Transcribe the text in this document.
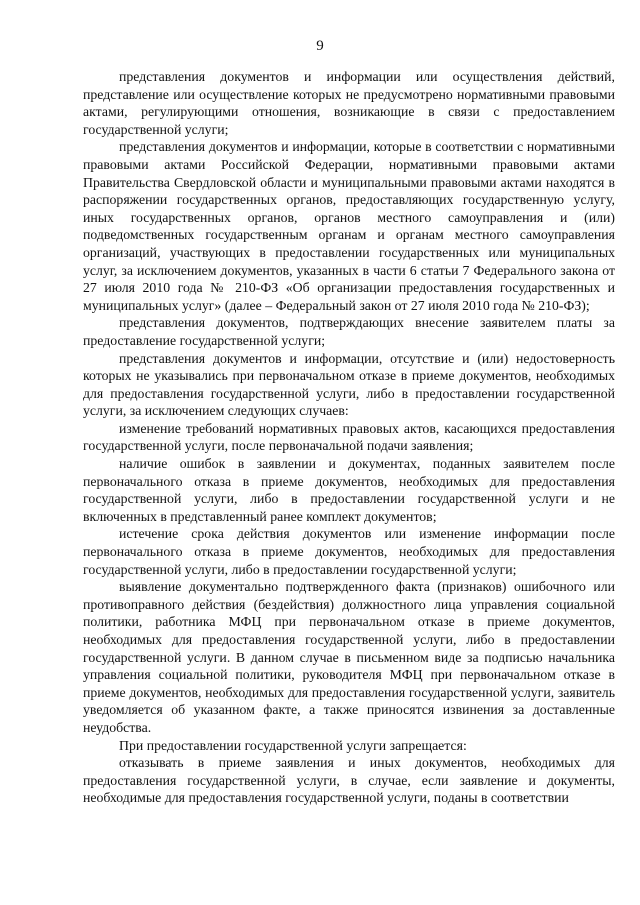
9

представления документов и информации или осуществления действий, представление или осуществление которых не предусмотрено нормативными правовыми актами, регулирующими отношения, возникающие в связи с предоставлением государственной услуги;

представления документов и информации, которые в соответствии с нормативными правовыми актами Российской Федерации, нормативными правовыми актами Правительства Свердловской области и муниципальными правовыми актами находятся в распоряжении государственных органов, предоставляющих государственную услугу, иных государственных органов, органов местного самоуправления и (или) подведомственных государственным органам и органам местного самоуправления организаций, участвующих в предоставлении государственных или муниципальных услуг, за исключением документов, указанных в части 6 статьи 7 Федерального закона от 27 июля 2010 года № 210-ФЗ «Об организации предоставления государственных и муниципальных услуг» (далее – Федеральный закон от 27 июля 2010 года № 210-ФЗ);

представления документов, подтверждающих внесение заявителем платы за предоставление государственной услуги;

представления документов и информации, отсутствие и (или) недостоверность которых не указывались при первоначальном отказе в приеме документов, необходимых для предоставления государственной услуги, либо в предоставлении государственной услуги, за исключением следующих случаев:

изменение требований нормативных правовых актов, касающихся предоставления государственной услуги, после первоначальной подачи заявления;

наличие ошибок в заявлении и документах, поданных заявителем после первоначального отказа в приеме документов, необходимых для предоставления государственной услуги, либо в предоставлении государственной услуги и не включенных в представленный ранее комплект документов;

истечение срока действия документов или изменение информации после первоначального отказа в приеме документов, необходимых для предоставления государственной услуги, либо в предоставлении государственной услуги;

выявление документально подтвержденного факта (признаков) ошибочного или противоправного действия (бездействия) должностного лица управления социальной политики, работника МФЦ при первоначальном отказе в приеме документов, необходимых для предоставления государственной услуги, либо в предоставлении государственной услуги. В данном случае в письменном виде за подписью начальника управления социальной политики, руководителя МФЦ при первоначальном отказе в приеме документов, необходимых для предоставления государственной услуги, заявитель уведомляется об указанном факте, а также приносятся извинения за доставленные неудобства.

При предоставлении государственной услуги запрещается:

отказывать в приеме заявления и иных документов, необходимых для предоставления государственной услуги, в случае, если заявление и документы, необходимые для предоставления государственной услуги, поданы в соответствии
